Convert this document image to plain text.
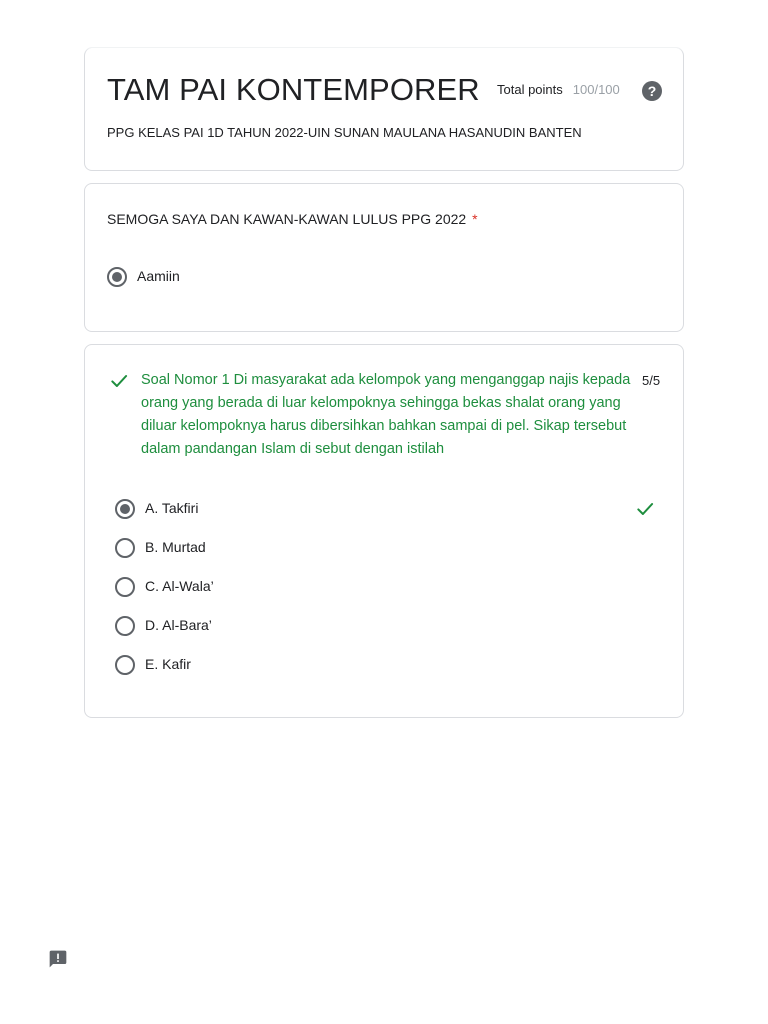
TAM PAI KONTEMPORER Total points 100/100	?
PPG KELAS PAI 1D TAHUN 2022-UIN SUNAN MAULANA HASANUDIN BANTEN
SEMOGA SAYA DAN KAWAN-KAWAN LULUS PPG 2022 *
Aamiin
Soal Nomor 1 Di masyarakat ada kelompok yang menganggap najis kepada orang yang berada di luar kelompoknya sehingga bekas shalat orang yang diluar kelompoknya harus dibersihkan bahkan sampai di pel. Sikap tersebut dalam pandangan Islam di sebut dengan istilah
5/5
A. Takfiri
B. Murtad
C. Al-Wala’
D. Al-Bara’
E. Kafir
